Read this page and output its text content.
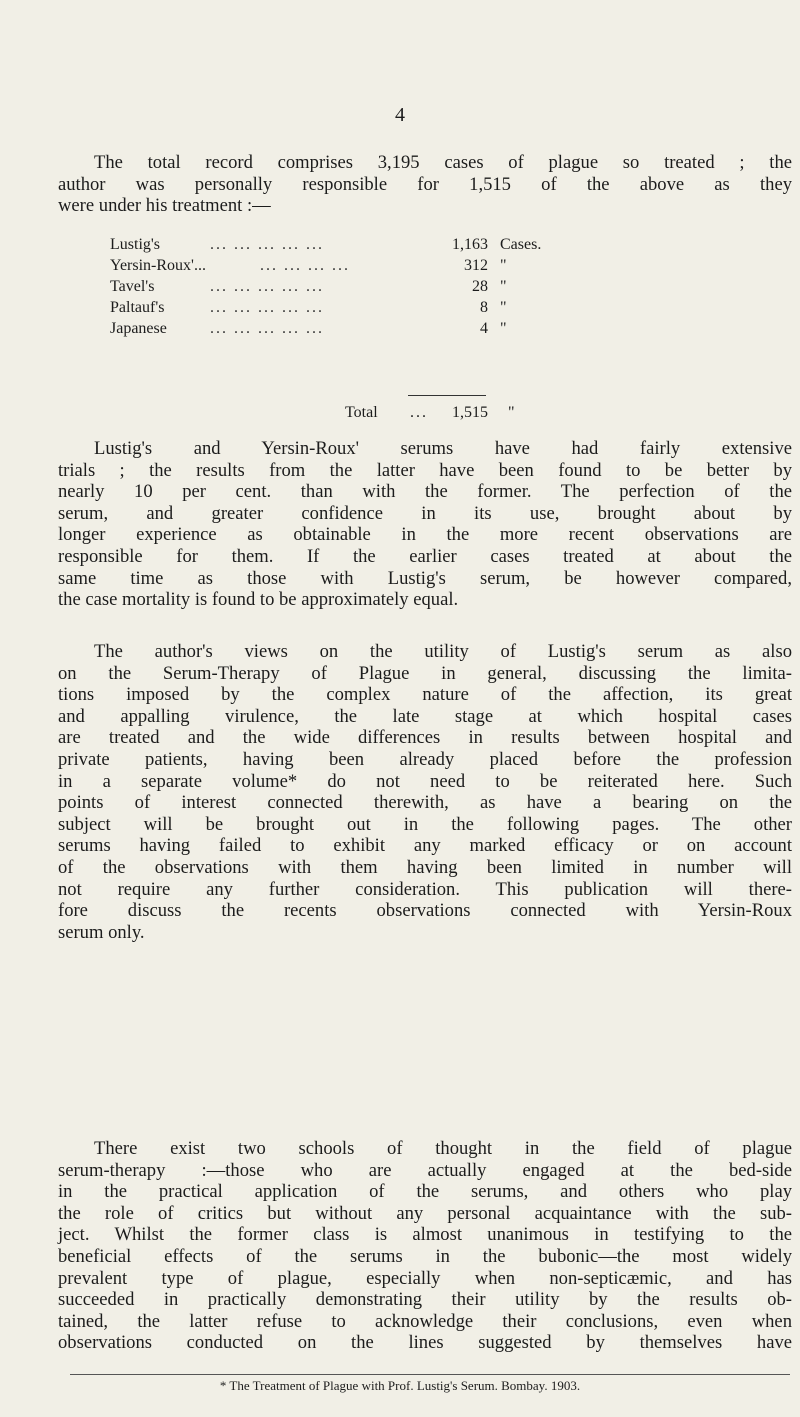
4
The total record comprises 3,195 cases of plague so treated ; the
author was personally responsible for 1,515 of the above as they
were under his treatment :—
Lustig's	... ... ... ... ...	1,163 Cases.
Yersin-Roux'...	... ... ... ...	312 "
Tavel's	... ... ... ... ...	28 "
Paltauf's	... ... ... ... ...	8 "
Japanese	... ... ... ... ...	4 "
Total ... 1,515 "
Lustig's and Yersin-Roux' serums have had fairly extensive
trials ; the results from the latter have been found to be better by
nearly 10 per cent. than with the former. The perfection of the
serum, and greater confidence in its use, brought about by
longer experience as obtainable in the more recent observations are
responsible for them. If the earlier cases treated at about the
same time as those with Lustig's serum, be however compared,
the case mortality is found to be approximately equal.
The author's views on the utility of Lustig's serum as also
on the Serum-Therapy of Plague in general, discussing the limita-
tions imposed by the complex nature of the affection, its great
and appalling virulence, the late stage at which hospital cases
are treated and the wide differences in results between hospital and
private patients, having been already placed before the profession
in a separate volume* do not need to be reiterated here. Such
points of interest connected therewith, as have a bearing on the
subject will be brought out in the following pages. The other
serums having failed to exhibit any marked efficacy or on account
of the observations with them having been limited in number will
not require any further consideration. This publication will there-
fore discuss the recents observations connected with Yersin-Roux
serum only.
There exist two schools of thought in the field of plague
serum-therapy :—those who are actually engaged at the bed-side
in the practical application of the serums, and others who play
the role of critics but without any personal acquaintance with the sub-
ject. Whilst the former class is almost unanimous in testifying to the
beneficial effects of the serums in the bubonic—the most widely
prevalent type of plague, especially when non-septicæmic, and has
succeeded in practically demonstrating their utility by the results ob-
tained, the latter refuse to acknowledge their conclusions, even when
observations conducted on the lines suggested by themselves have
* The Treatment of Plague with Prof. Lustig's Serum. Bombay. 1903.
